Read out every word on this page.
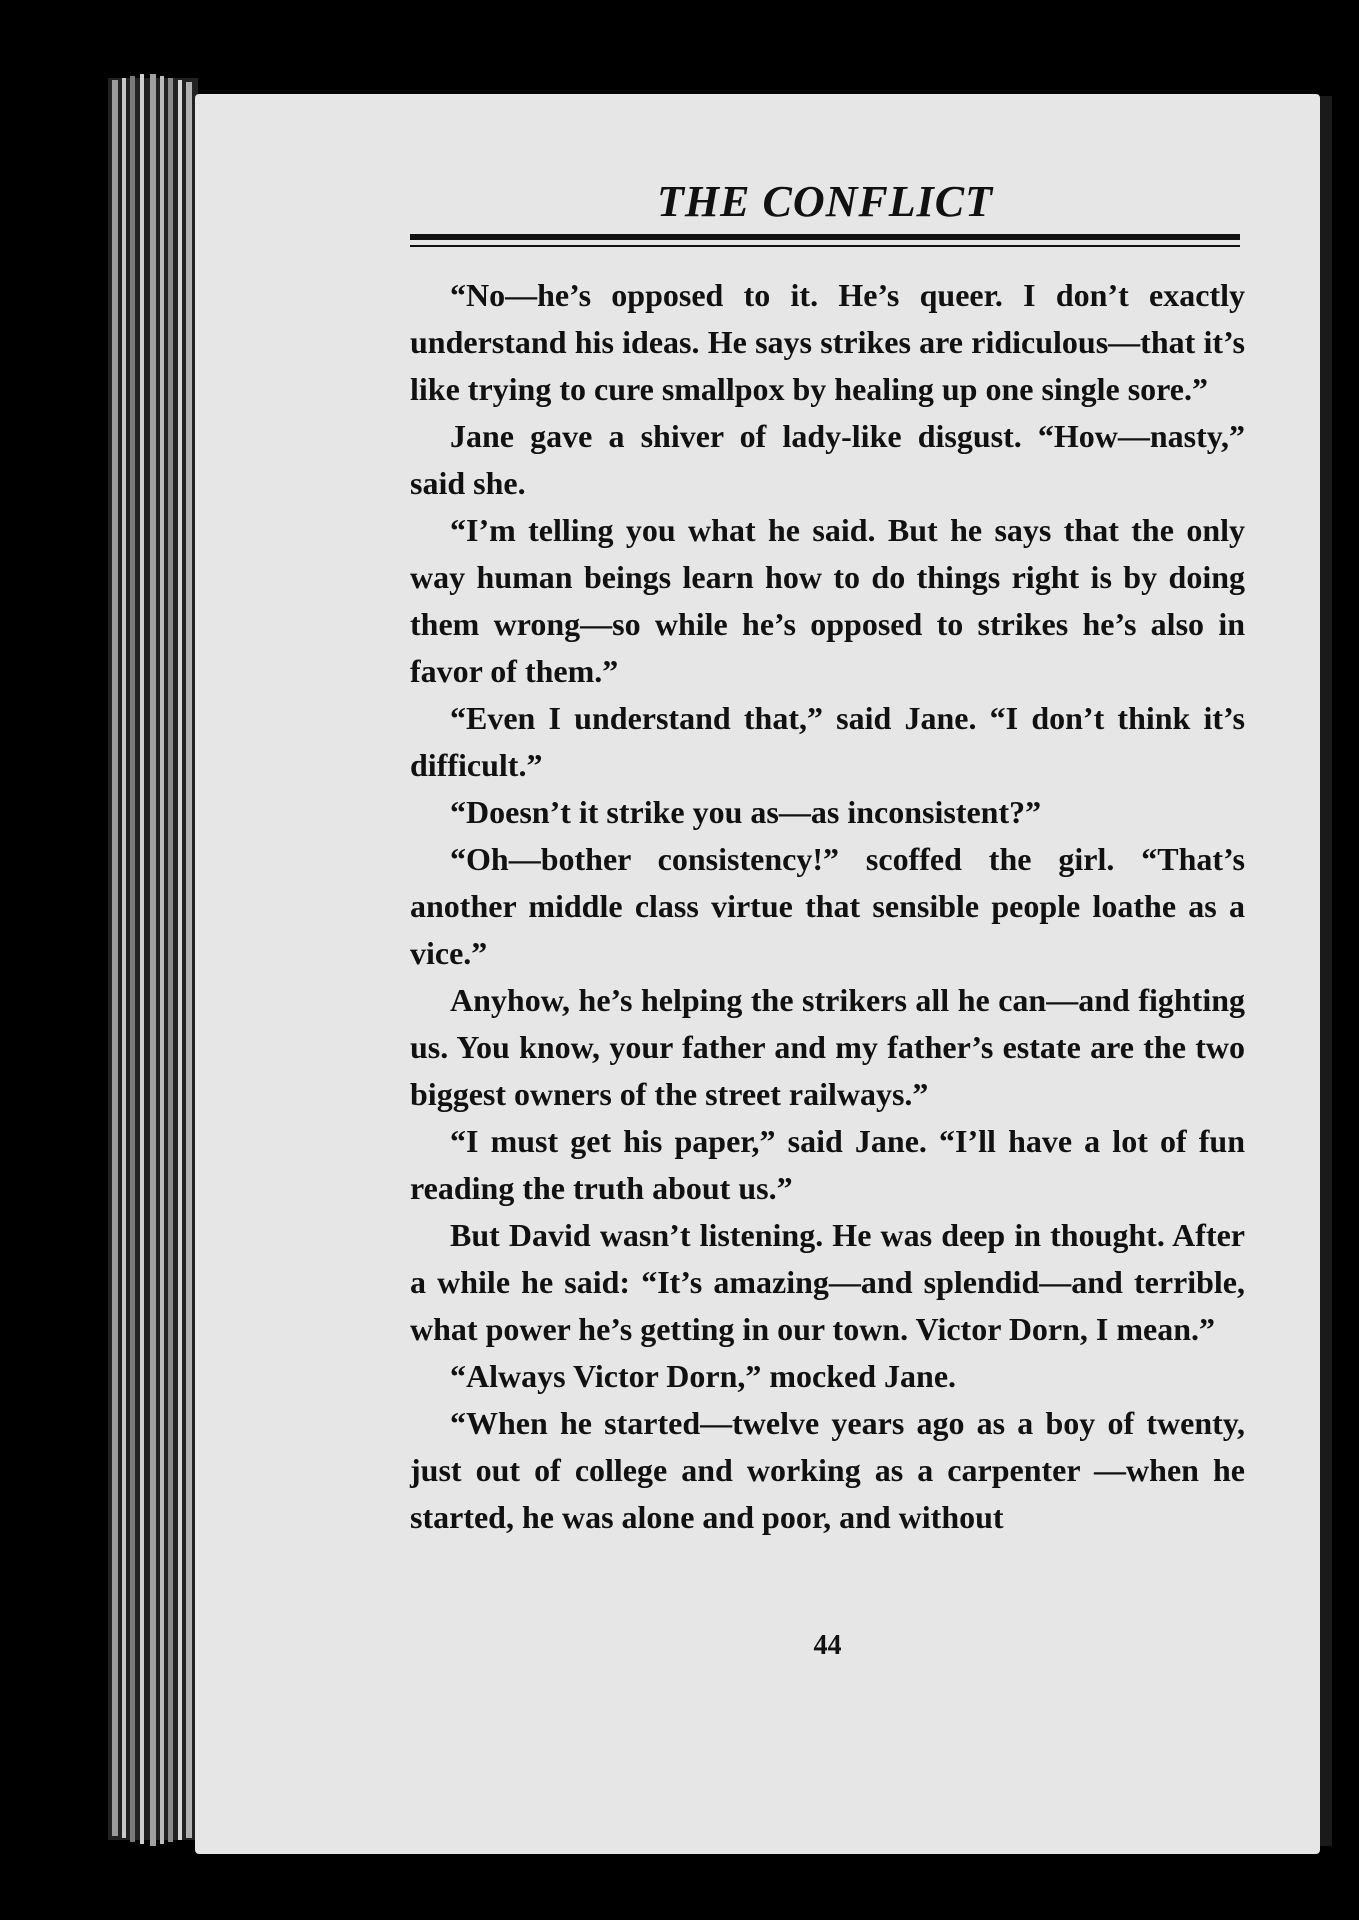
THE CONFLICT

“No—he’s opposed to it. He’s queer. I don’t exactly understand his ideas. He says strikes are ridiculous—that it’s like trying to cure smallpox by healing up one single sore.”

Jane gave a shiver of lady-like disgust. “How—nasty,” said she.

“I’m telling you what he said. But he says that the only way human beings learn how to do things right is by doing them wrong—so while he’s opposed to strikes he’s also in favor of them.”

“Even I understand that,” said Jane. “I don’t think it’s difficult.”

“Doesn’t it strike you as—as inconsistent?”

“Oh—bother consistency!” scoffed the girl. “That’s another middle class virtue that sensible people loathe as a vice.”

Anyhow, he’s helping the strikers all he can—and fighting us. You know, your father and my father’s estate are the two biggest owners of the street railways.”

“I must get his paper,” said Jane. “I’ll have a lot of fun reading the truth about us.”

But David wasn’t listening. He was deep in thought. After a while he said: “It’s amazing—and splendid—and terrible, what power he’s getting in our town. Victor Dorn, I mean.”

“Always Victor Dorn,” mocked Jane.

“When he started—twelve years ago as a boy of twenty, just out of college and working as a carpenter —when he started, he was alone and poor, and without

44
